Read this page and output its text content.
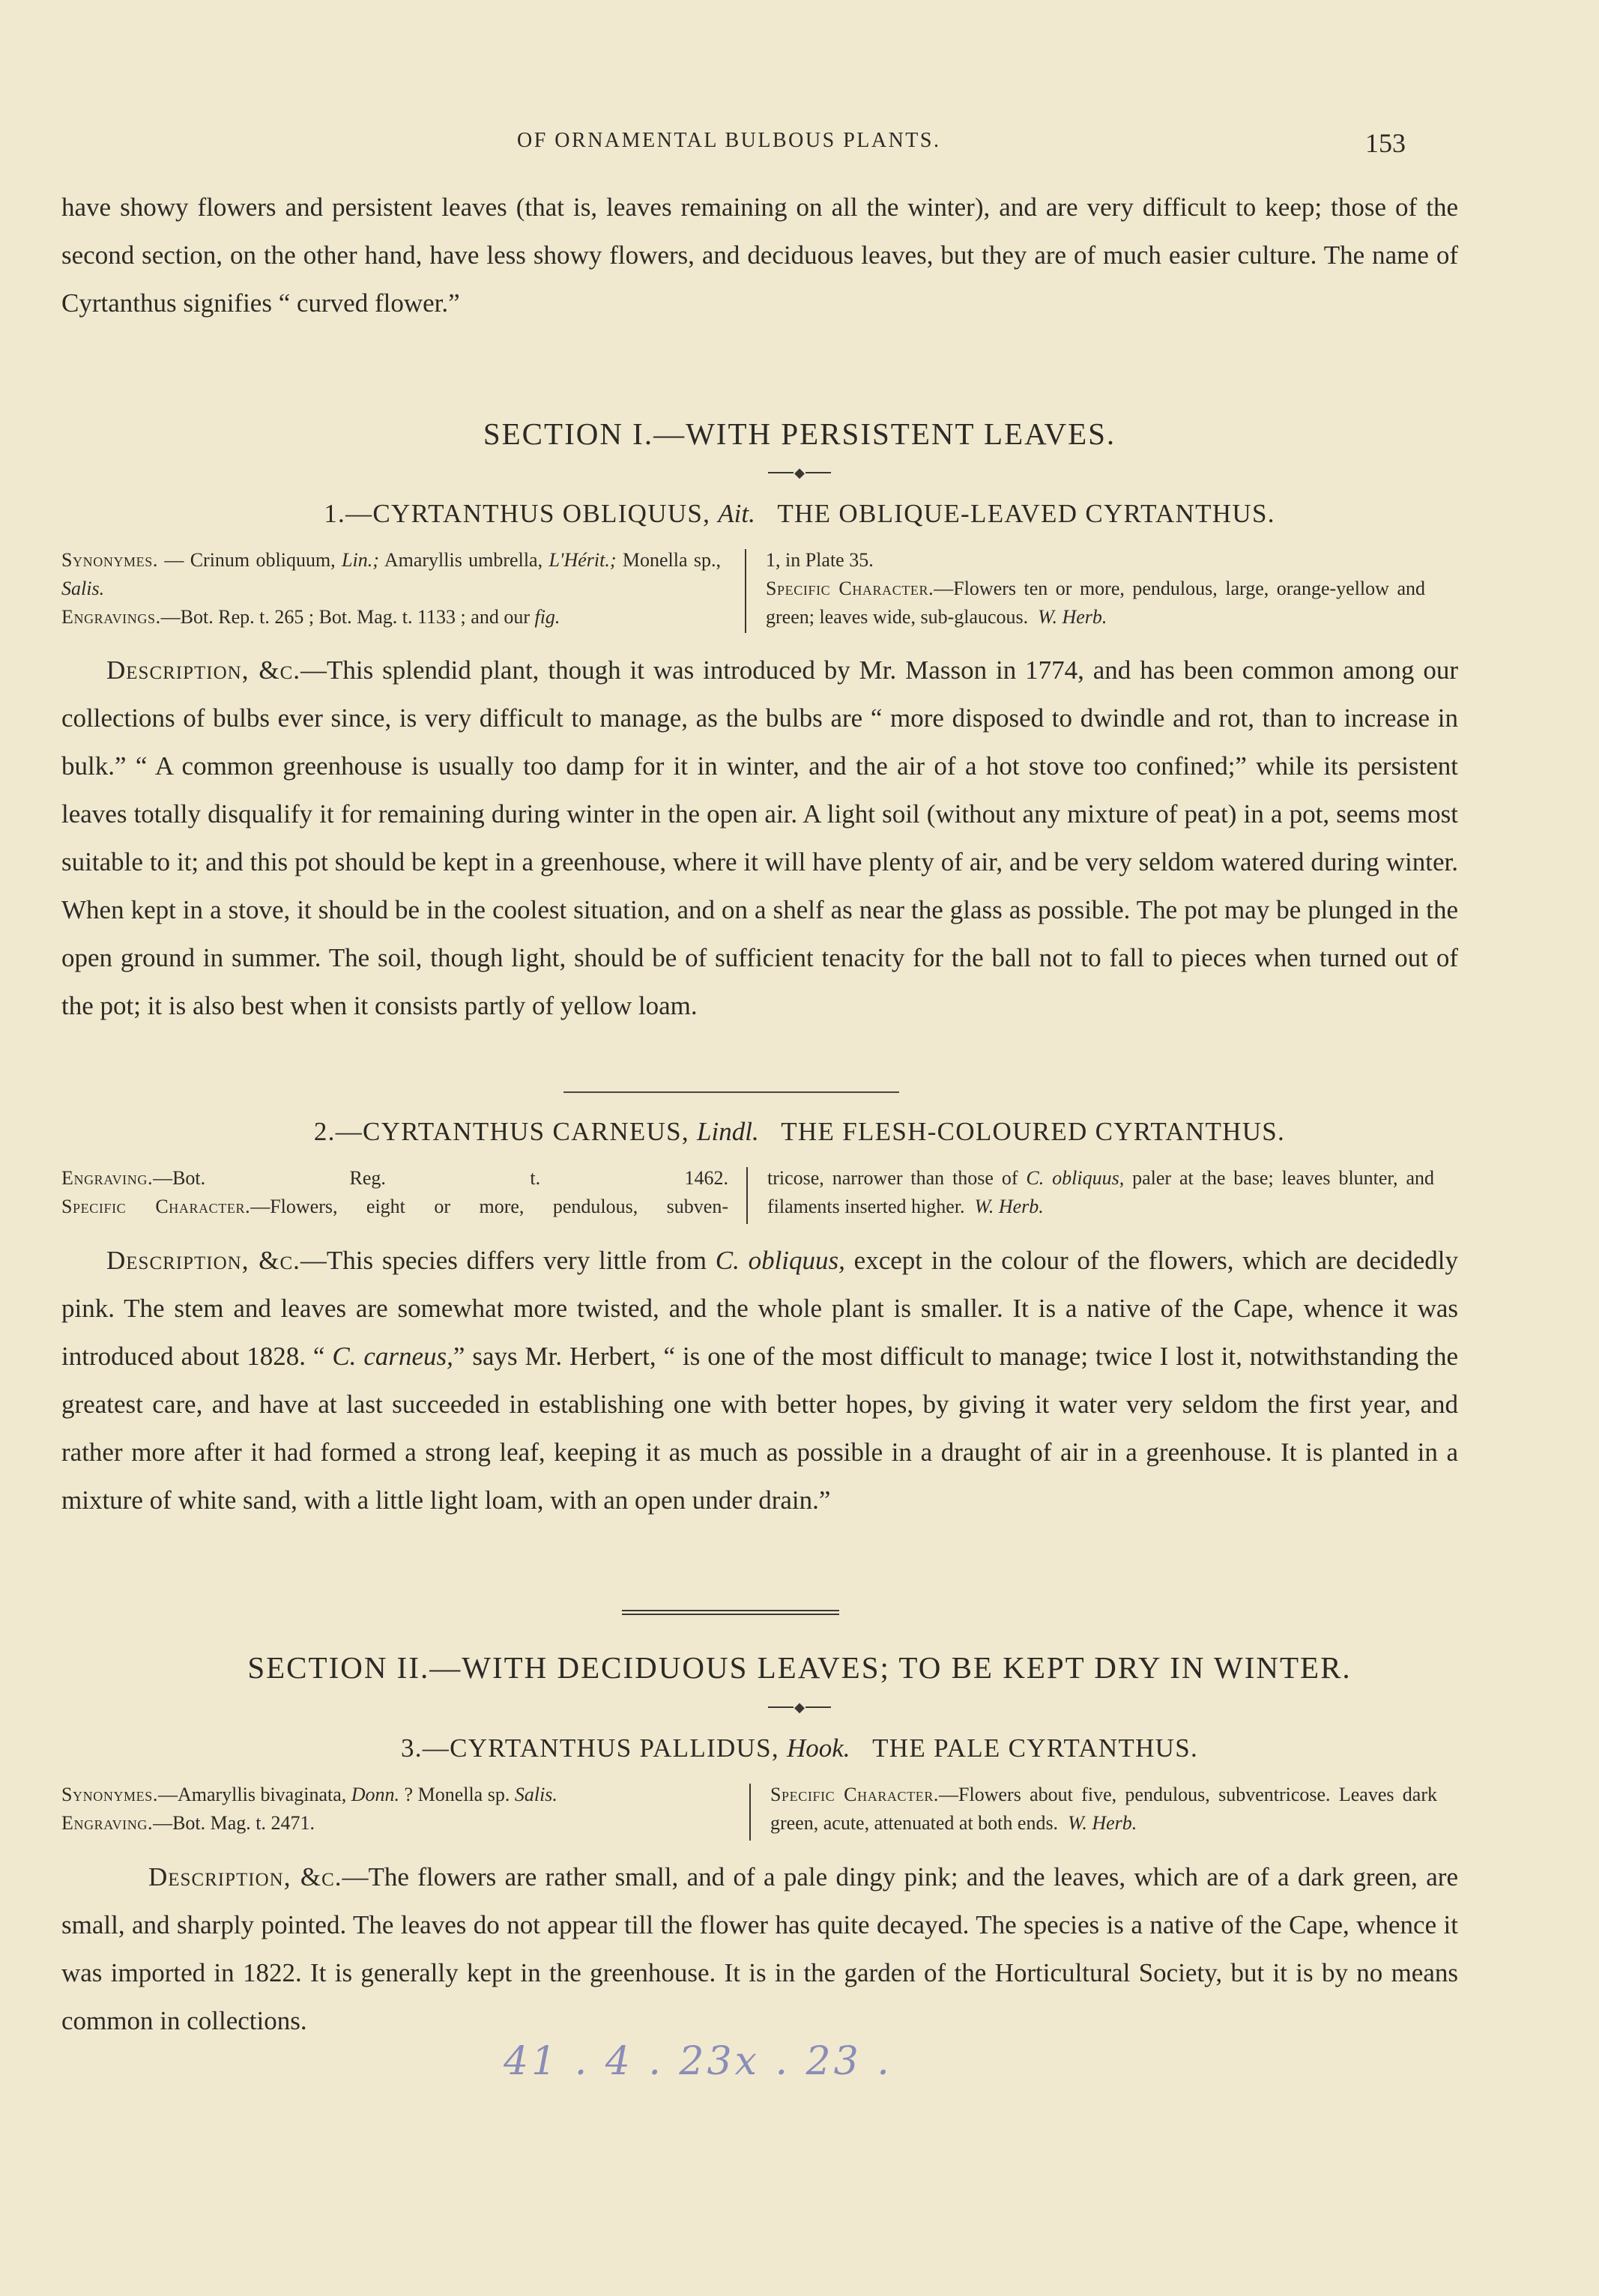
OF ORNAMENTAL BULBOUS PLANTS.	153
have showy flowers and persistent leaves (that is, leaves remaining on all the winter), and are very difficult to keep; those of the second section, on the other hand, have less showy flowers, and deciduous leaves, but they are of much easier culture. The name of Cyrtanthus signifies “ curved flower.”
SECTION I.—WITH PERSISTENT LEAVES.
◆
1.—CYRTANTHUS OBLIQUUS, Ait. THE OBLIQUE-LEAVED CYRTANTHUS.
Synonymes. — Crinum obliquum, Lin.; Amaryllis umbrella, L'Hérit.; Monella sp., Salis.
Engravings.—Bot. Rep. t. 265 ; Bot. Mag. t. 1133 ; and our fig.
1, in Plate 35.
Specific Character.—Flowers ten or more, pendulous, large, orange-yellow and green; leaves wide, sub-glaucous. W. Herb.
Description, &c.—This splendid plant, though it was introduced by Mr. Masson in 1774, and has been common among our collections of bulbs ever since, is very difficult to manage, as the bulbs are “ more disposed to dwindle and rot, than to increase in bulk.” “ A common greenhouse is usually too damp for it in winter, and the air of a hot stove too confined;” while its persistent leaves totally disqualify it for remaining during winter in the open air. A light soil (without any mixture of peat) in a pot, seems most suitable to it; and this pot should be kept in a greenhouse, where it will have plenty of air, and be very seldom watered during winter. When kept in a stove, it should be in the coolest situation, and on a shelf as near the glass as possible. The pot may be plunged in the open ground in summer. The soil, though light, should be of sufficient tenacity for the ball not to fall to pieces when turned out of the pot; it is also best when it consists partly of yellow loam.
2.—CYRTANTHUS CARNEUS, Lindl. THE FLESH-COLOURED CYRTANTHUS.
Engraving.—Bot. Reg. t. 1462.
Specific Character.—Flowers, eight or more, pendulous, subven-
tricose, narrower than those of C. obliquus, paler at the base; leaves blunter, and filaments inserted higher. W. Herb.
Description, &c.—This species differs very little from C. obliquus, except in the colour of the flowers, which are decidedly pink. The stem and leaves are somewhat more twisted, and the whole plant is smaller. It is a native of the Cape, whence it was introduced about 1828. “ C. carneus,” says Mr. Herbert, “ is one of the most difficult to manage; twice I lost it, notwithstanding the greatest care, and have at last succeeded in establishing one with better hopes, by giving it water very seldom the first year, and rather more after it had formed a strong leaf, keeping it as much as possible in a draught of air in a greenhouse. It is planted in a mixture of white sand, with a little light loam, with an open under drain.”
SECTION II.—WITH DECIDUOUS LEAVES; TO BE KEPT DRY IN WINTER.
◆
3.—CYRTANTHUS PALLIDUS, Hook. THE PALE CYRTANTHUS.
Synonymes.—Amaryllis bivaginata, Donn. ? Monella sp. Salis.
Engraving.—Bot. Mag. t. 2471.
Specific Character.—Flowers about five, pendulous, subventricose. Leaves dark green, acute, attenuated at both ends. W. Herb.
Description, &c.—The flowers are rather small, and of a pale dingy pink; and the leaves, which are of a dark green, are small, and sharply pointed. The leaves do not appear till the flower has quite decayed. The species is a native of the Cape, whence it was imported in 1822. It is generally kept in the greenhouse. It is in the garden of the Horticultural Society, but it is by no means common in collections.
41 . 4 . 23x . 23 .
